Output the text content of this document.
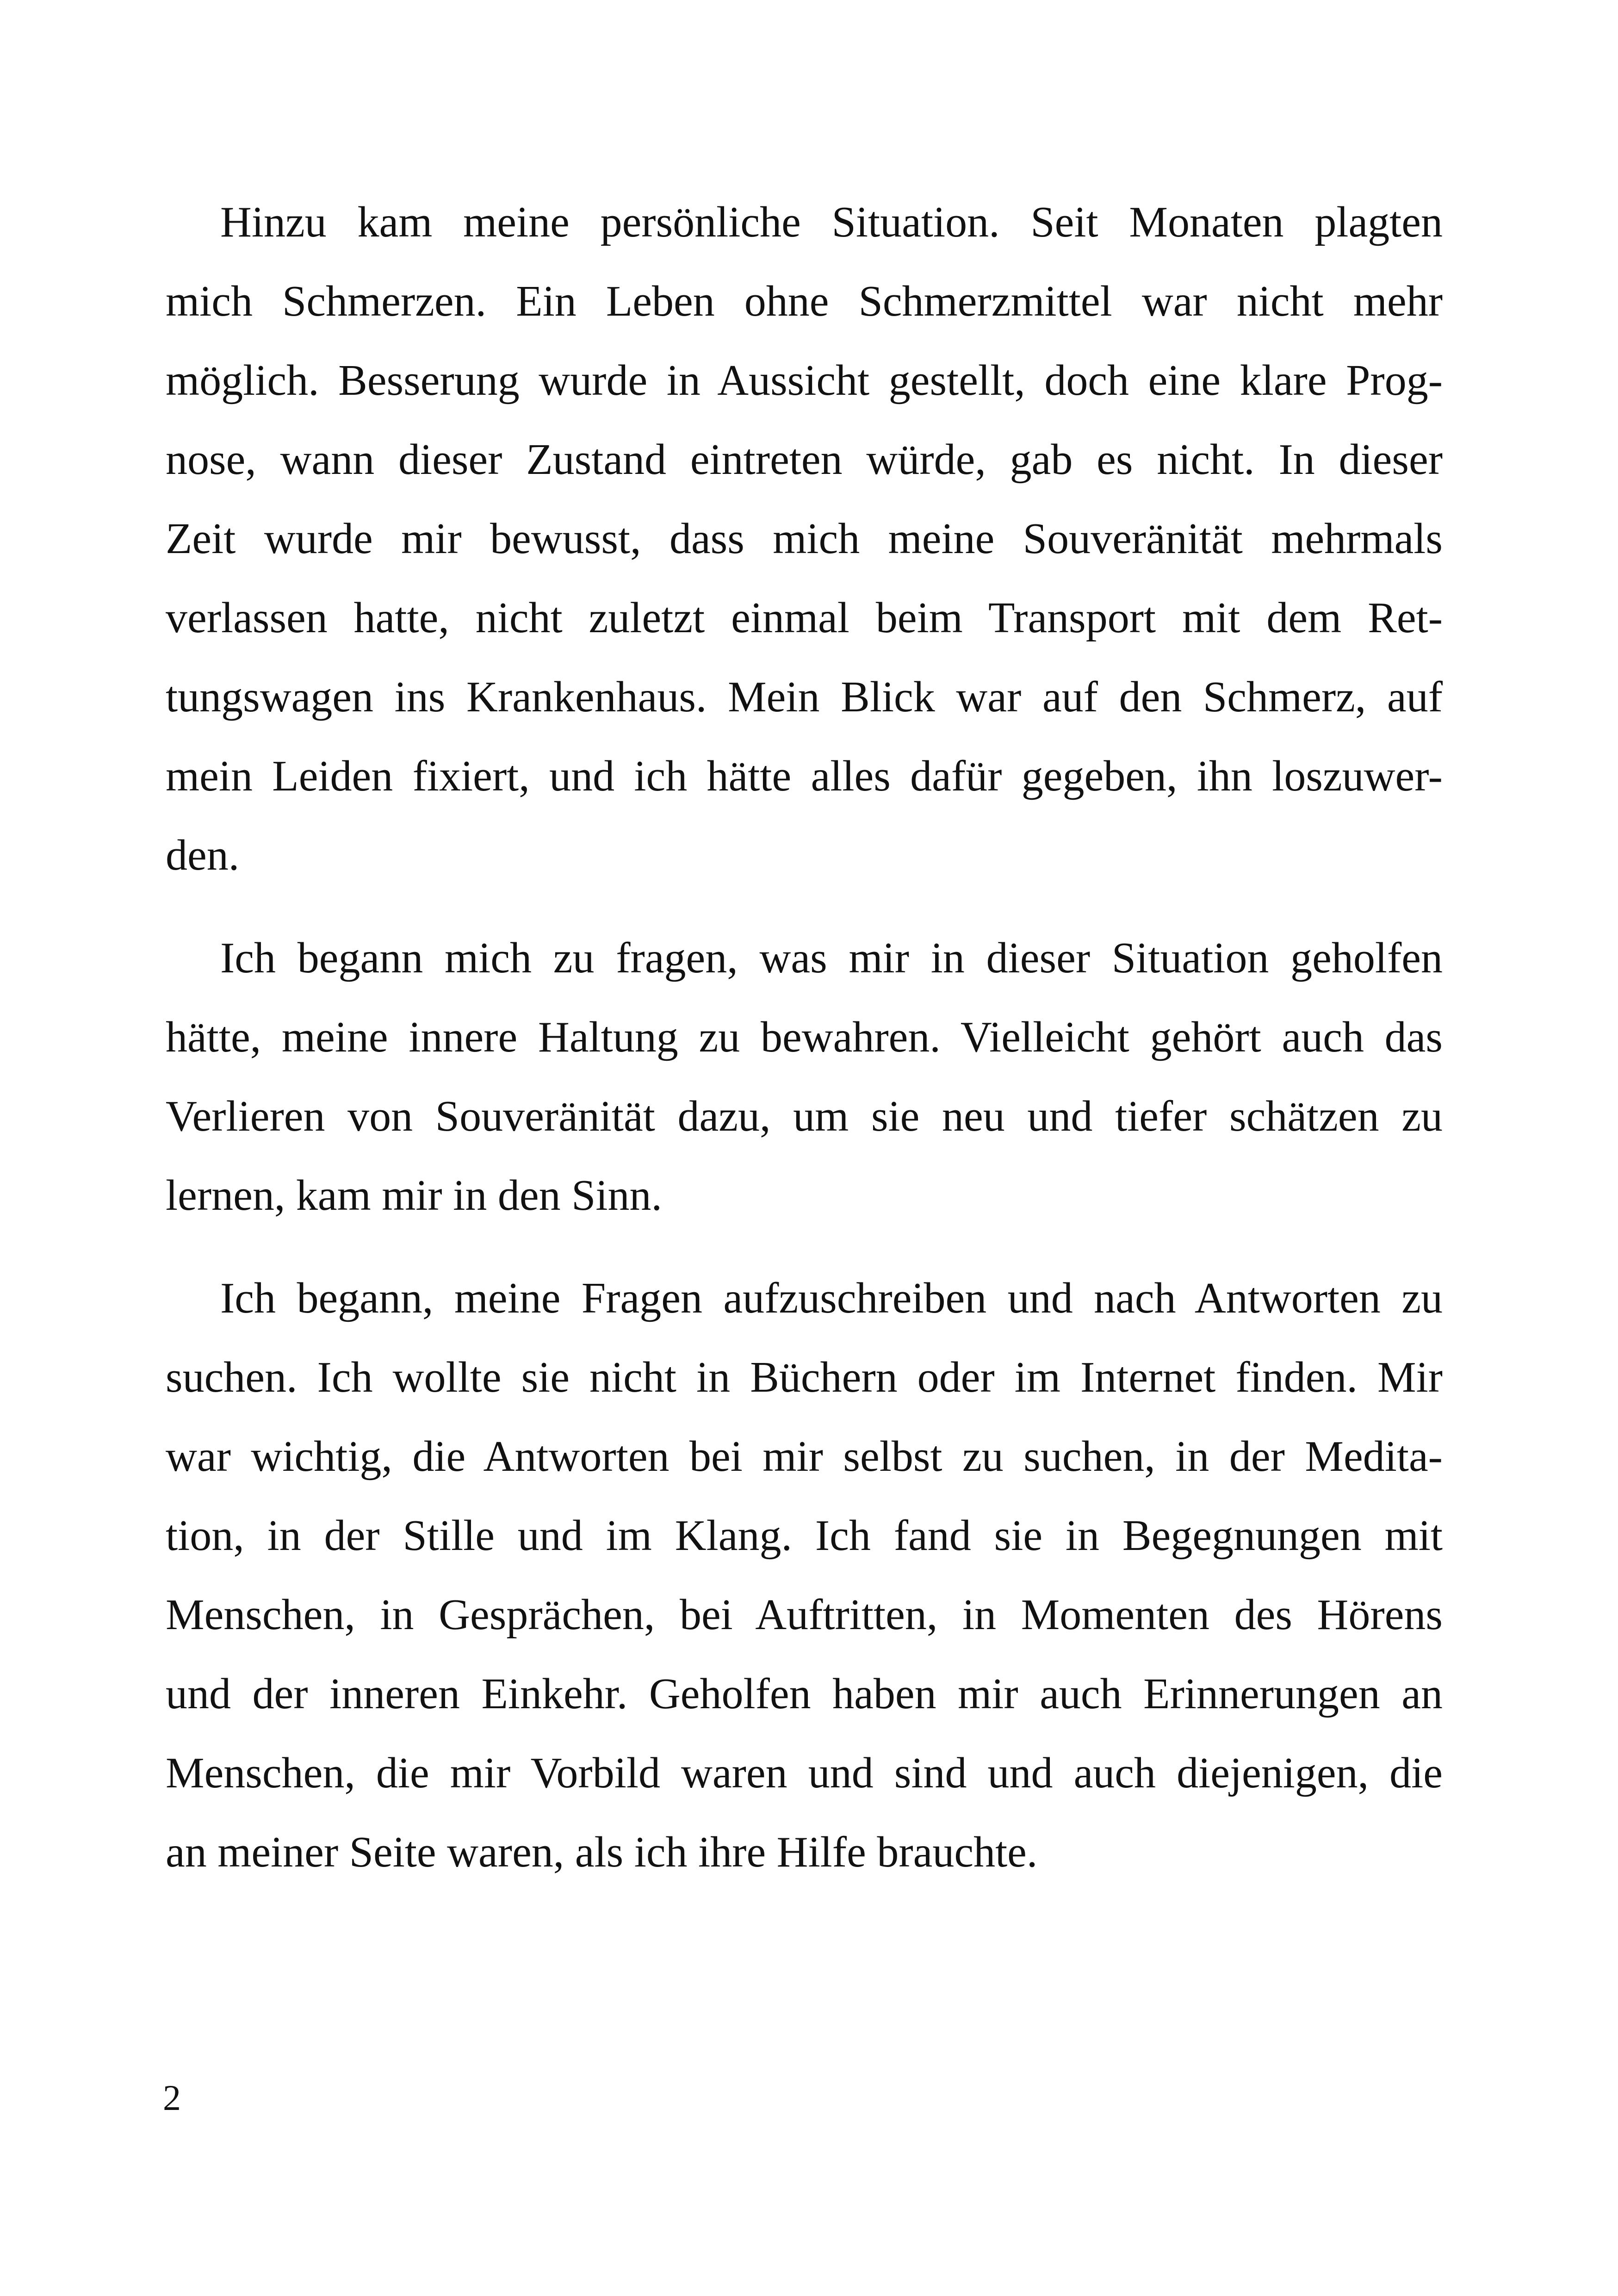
Hinzu kam meine persönliche Situation. Seit Monaten plagten
mich Schmerzen. Ein Leben ohne Schmerzmittel war nicht mehr
möglich. Besserung wurde in Aussicht gestellt, doch eine klare Prog-
nose, wann dieser Zustand eintreten würde, gab es nicht. In dieser
Zeit wurde mir bewusst, dass mich meine Souveränität mehrmals
verlassen hatte, nicht zuletzt einmal beim Transport mit dem Ret-
tungswagen ins Krankenhaus. Mein Blick war auf den Schmerz, auf
mein Leiden fixiert, und ich hätte alles dafür gegeben, ihn loszuwer-
den.
Ich begann mich zu fragen, was mir in dieser Situation geholfen
hätte, meine innere Haltung zu bewahren. Vielleicht gehört auch das
Verlieren von Souveränität dazu, um sie neu und tiefer schätzen zu
lernen, kam mir in den Sinn.
Ich begann, meine Fragen aufzuschreiben und nach Antworten zu
suchen. Ich wollte sie nicht in Büchern oder im Internet finden. Mir
war wichtig, die Antworten bei mir selbst zu suchen, in der Medita-
tion, in der Stille und im Klang. Ich fand sie in Begegnungen mit
Menschen, in Gesprächen, bei Auftritten, in Momenten des Hörens
und der inneren Einkehr. Geholfen haben mir auch Erinnerungen an
Menschen, die mir Vorbild waren und sind und auch diejenigen, die
an meiner Seite waren, als ich ihre Hilfe brauchte.
2
